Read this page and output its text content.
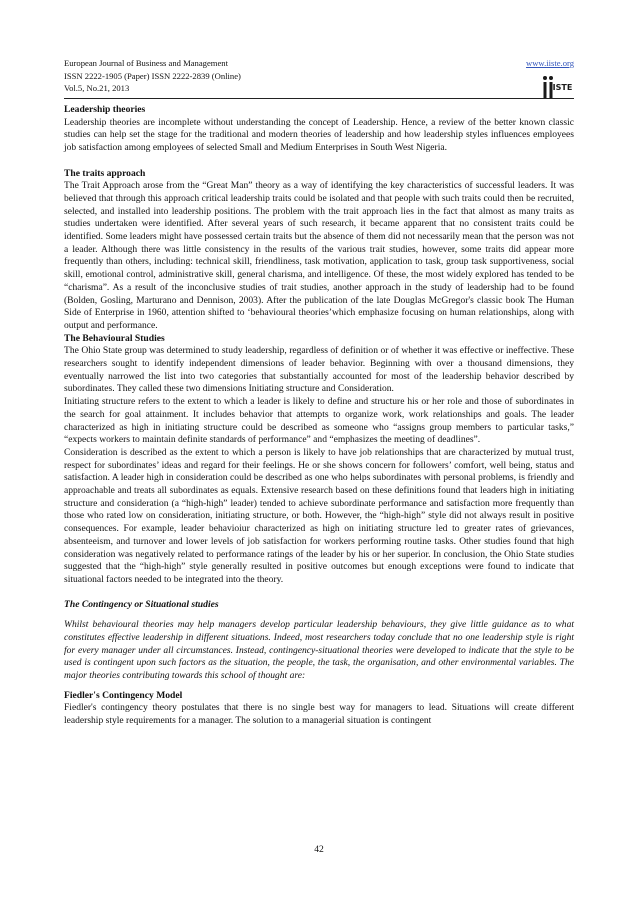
European Journal of Business and Management
ISSN 2222-1905 (Paper) ISSN 2222-2839 (Online)
Vol.5, No.21, 2013
www.iiste.org
IISTE
Leadership theories

Leadership theories are incomplete without understanding the concept of Leadership. Hence, a review of the better known classic studies can help set the stage for the traditional and modern theories of leadership and how leadership styles influences employees job satisfaction among employees of selected Small and Medium Enterprises in South West Nigeria.

The traits approach

The Trait Approach arose from the “Great Man” theory as a way of identifying the key characteristics of successful leaders. It was believed that through this approach critical leadership traits could be isolated and that people with such traits could then be recruited, selected, and installed into leadership positions. The problem with the trait approach lies in the fact that almost as many traits as studies undertaken were identified. After several years of such research, it became apparent that no consistent traits could be identified. Some leaders might have possessed certain traits but the absence of them did not necessarily mean that the person was not a leader. Although there was little consistency in the results of the various trait studies, however, some traits did appear more frequently than others, including: technical skill, friendliness, task motivation, application to task, group task supportiveness, social skill, emotional control, administrative skill, general charisma, and intelligence. Of these, the most widely explored has tended to be “charisma”. As a result of the inconclusive studies of trait studies, another approach in the study of leadership had to be found (Bolden, Gosling, Marturano and Dennison, 2003). After the publication of the late Douglas McGregor's classic book The Human Side of Enterprise in 1960, attention shifted to ‘behavioural theories’which emphasize focusing on human relationships, along with output and performance.

The Behavioural Studies

The Ohio State group was determined to study leadership, regardless of definition or of whether it was effective or ineffective. These researchers sought to identify independent dimensions of leader behavior. Beginning with over a thousand dimensions, they eventually narrowed the list into two categories that substantially accounted for most of the leadership behavior described by subordinates. They called these two dimensions Initiating structure and Consideration.

Initiating structure refers to the extent to which a leader is likely to define and structure his or her role and those of subordinates in the search for goal attainment. It includes behavior that attempts to organize work, work relationships and goals. The leader characterized as high in initiating structure could be described as someone who “assigns group members to particular tasks,” “expects workers to maintain definite standards of performance” and “emphasizes the meeting of deadlines”.

Consideration is described as the extent to which a person is likely to have job relationships that are characterized by mutual trust, respect for subordinates’ ideas and regard for their feelings. He or she shows concern for followers’ comfort, well being, status and satisfaction. A leader high in consideration could be described as one who helps subordinates with personal problems, is friendly and approachable and treats all subordinates as equals. Extensive research based on these definitions found that leaders high in initiating structure and consideration (a “high-high” leader) tended to achieve subordinate performance and satisfaction more frequently than those who rated low on consideration, initiating structure, or both. However, the “high-high” style did not always result in positive consequences. For example, leader behavioiur characterized as high on initiating structure led to greater rates of grievances, absenteeism, and turnover and lower levels of job satisfaction for workers performing routine tasks. Other studies found that high consideration was negatively related to performance ratings of the leader by his or her superior. In conclusion, the Ohio State studies suggested that the “high-high” style generally resulted in positive outcomes but enough exceptions were found to indicate that situational factors needed to be integrated into the theory.

The Contingency or Situational studies

Whilst behavioural theories may help managers develop particular leadership behaviours, they give little guidance as to what constitutes effective leadership in different situations. Indeed, most researchers today conclude that no one leadership style is right for every manager under all circumstances. Instead, contingency-situational theories were developed to indicate that the style to be used is contingent upon such factors as the situation, the people, the task, the organisation, and other environmental variables. The major theories contributing towards this school of thought are:

Fiedler's Contingency Model

Fiedler's contingency theory postulates that there is no single best way for managers to lead. Situations will create different leadership style requirements for a manager. The solution to a managerial situation is contingent

42
